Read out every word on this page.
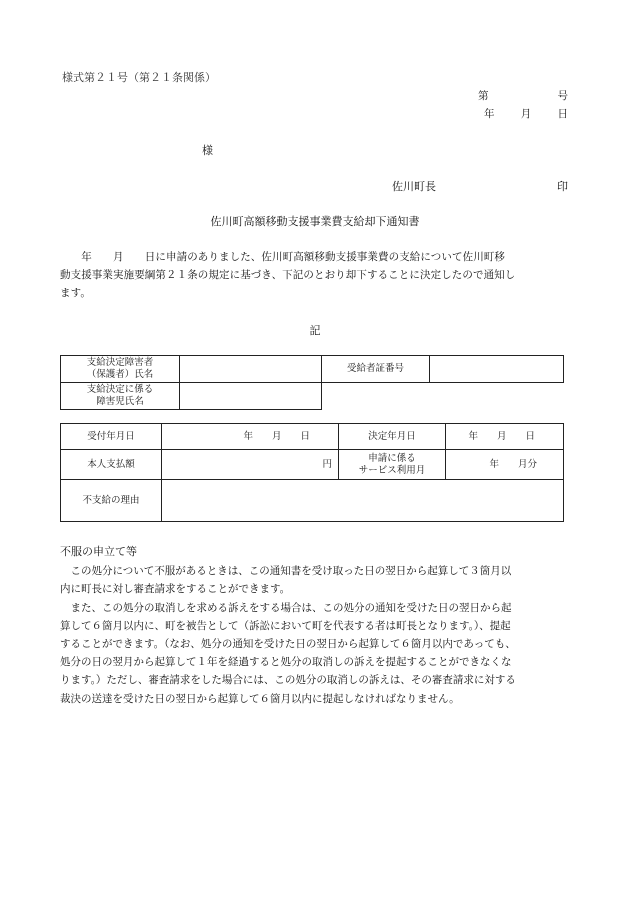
様式第２１号（第２１条関係）
第	号
年	月	日
様
佐川町長	印
佐川町高額移動支援事業費支給却下通知書
　　年　　月　　日に申請のありました、佐川町高額移動支援事業費の支給について佐川町移
動支援事業実施要綱第２１条の規定に基づき、下記のとおり却下することに決定したので通知し
ます。
記
支給決定障害者
（保護者）氏名		受給者証番号	

支給決定に係る
障害児氏名			

受付年月日	年　　月　　日	決定年月日	年　　月　　日
本人支払額	円	申請に係る
サービス利用月	年　　月分
不支給の理由			
不服の申立て等
　この処分について不服があるときは、この通知書を受け取った日の翌日から起算して３箇月以
内に町長に対し審査請求をすることができます。
　また、この処分の取消しを求める訴えをする場合は、この処分の通知を受けた日の翌日から起
算して６箇月以内に、町を被告として（訴訟において町を代表する者は町長となります。）、提起
することができます。（なお、処分の通知を受けた日の翌日から起算して６箇月以内であっても、
処分の日の翌月から起算して１年を経過すると処分の取消しの訴えを提起することができなくな
ります。）ただし、審査請求をした場合には、この処分の取消しの訴えは、その審査請求に対する
裁決の送達を受けた日の翌日から起算して６箇月以内に提起しなければなりません。
